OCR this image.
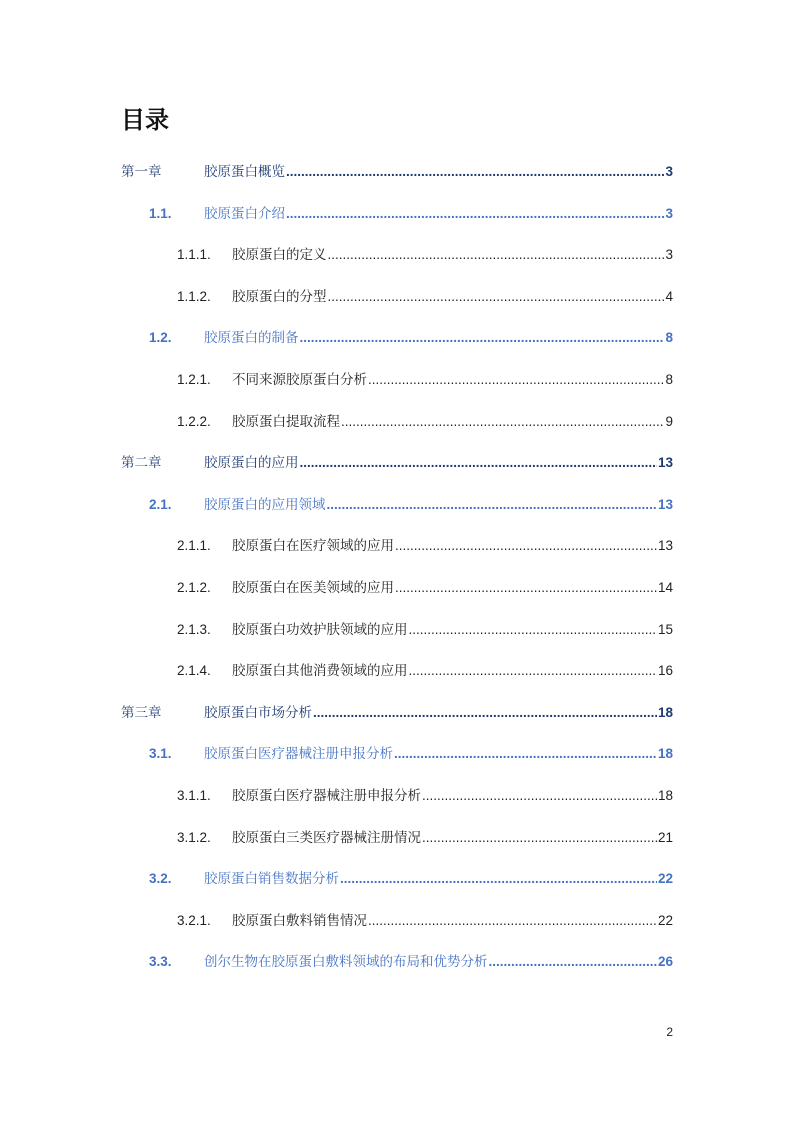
目录
第一章	胶原蛋白概览 .....	3
1.1.	胶原蛋白介绍 .....	3
1.1.1.	胶原蛋白的定义 .....	3
1.1.2.	胶原蛋白的分型 .....	4
1.2.	胶原蛋白的制备 .....	8
1.2.1.	不同来源胶原蛋白分析 .....	8
1.2.2.	胶原蛋白提取流程 .....	9
第二章	胶原蛋白的应用 .....	13
2.1.	胶原蛋白的应用领域 .....	13
2.1.1.	胶原蛋白在医疗领域的应用 .....	13
2.1.2.	胶原蛋白在医美领域的应用 .....	14
2.1.3.	胶原蛋白功效护肤领域的应用 .....	15
2.1.4.	胶原蛋白其他消费领域的应用 .....	16
第三章	胶原蛋白市场分析 .....	18
3.1.	胶原蛋白医疗器械注册申报分析 .....	18
3.1.1.	胶原蛋白医疗器械注册申报分析 .....	18
3.1.2.	胶原蛋白三类医疗器械注册情况 .....	21
3.2.	胶原蛋白销售数据分析 .....	22
3.2.1.	胶原蛋白敷料销售情况 .....	22
3.3.	创尔生物在胶原蛋白敷料领域的布局和优势分析 .....	26
2
